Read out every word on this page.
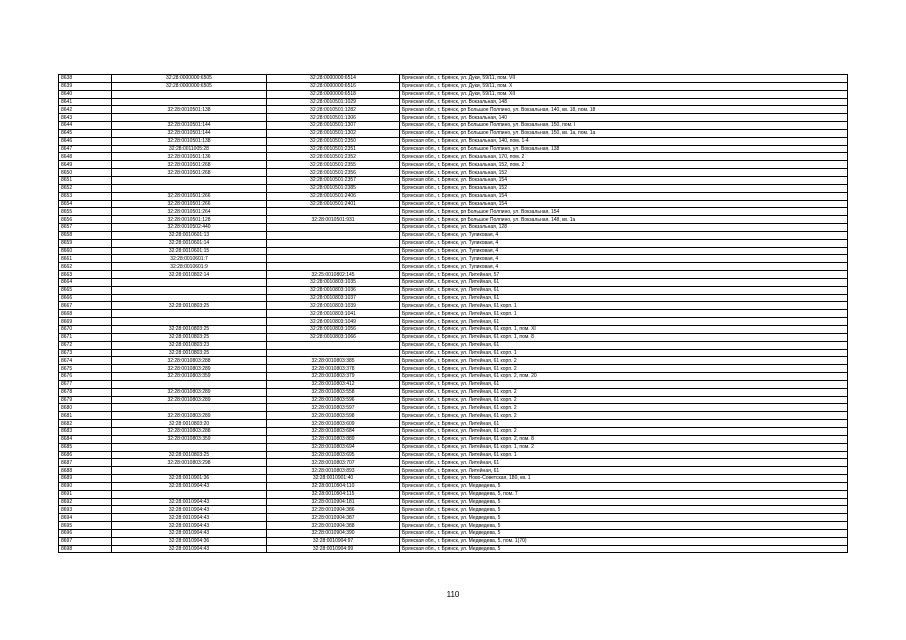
8638	32:28:0000000:6505	32:28:0000000:6514	Брянская обл., г. Брянск, ул. Дуки, 59/11, пом. VII
8639	32:28:0000000:6505	32:28:0000000:6516	Брянская обл., г. Брянск, ул. Дуки, 59/11, пом. X
8640		32:28:0000000:6518	Брянская обл., г. Брянск, ул. Дуки, 59/11, пом. XII
8641		32:28:0010501:1029	Брянская обл., г. Брянск, ул. Вокзальная, 148
8642	32:28:0010501:138	32:28:0010501:1282	Брянская обл., г. Брянск, рп Большое Полпино, ул. Вокзальная, 140, кв. 18, пом. 18
8643		32:28:0010501:1306	Брянская обл., г. Брянск, ул. Вокзальная, 140
8644	32:28:0010501:144	32:28:0010501:1307	Брянская обл., г. Брянск, рп Большое Полпино, ул. Вокзальная, 150, пом. I
8645	32:28:0010501:144	32:28:0010501:1302	Брянская обл., г. Брянск, рп Большое Полпино, ул. Вокзальная, 150, кв. 1а, пом. 1а
8646	32:28:0010501:138	32:28:0010501:2350	Брянская обл., г. Брянск, ул. Вокзальная, 140, пом. 1-4
8647	32:28:0011005:28	32:28:0010501:2351	Брянская обл., г. Брянск, рп Большое Полпино, ул. Вокзальная, 138
8648	32:28:0010501:136	32:28:0010501:2352	Брянская обл., г. Брянск, ул. Вокзальная, 170, пом. 2
8649	32:28:0010501:268	32:28:0010501:2355	Брянская обл., г. Брянск, ул. Вокзальная, 152, пом. 2
8650	32:28:0010501:268	32:28:0010501:2356	Брянская обл., г. Брянск, ул. Вокзальная, 152
8651		32:28:0010501:2357	Брянская обл., г. Брянск, ул. Вокзальная, 154
8652		32:28:0010501:2385	Брянская обл., г. Брянск, ул. Вокзальная, 152
8653	32:28:0010501:266	32:28:0010501:2406	Брянская обл., г. Брянск, ул. Вокзальная, 154
8654	32:28:0010501:266	32:28:0010501:2401	Брянская обл., г. Брянск, ул. Вокзальная, 154
8655	32:28:0010501:264		Брянская обл., г. Брянск, рп Большое Полпино, ул. Вокзальная, 154
8656	32:28:0010501:128	32:28:0010501:931	Брянская обл., г. Брянск, рп Большое Полпино, ул. Вокзальная, 148, кв. 1а
8657	32:28:0010502:440		Брянская обл., г. Брянск, ул. Вокзальная, 128
8658	32:28:0010601:13		Брянская обл., г. Брянск, ул. Тупиковая, 4
8659	32:28:0010601:14		Брянская обл., г. Брянск, ул. Тупиковая, 4
8660	32:28:0010601:15		Брянская обл., г. Брянск, ул. Тупиковая, 4
8661	32:28:0010601:7		Брянская обл., г. Брянск, ул. Тупиковая, 4
8662	32:28:0010601:9		Брянская обл., г. Брянск, ул. Тупиковая, 4
8663	32:28:0010802:14	32:25:0010802:145	Брянская обл., г. Брянск, ул. Литейная, 57
8664		32:28:0010803:1035	Брянская обл., г. Брянск, ул. Литейная, 61
8665		32:28:0010803:1036	Брянская обл., г. Брянск, ул. Литейная, 61
8666		32:28:0010803:1037	Брянская обл., г. Брянск, ул. Литейная, 61
8667	32:28:0010803:25	32:28:0010803:1039	Брянская обл., г. Брянск, ул. Литейная, 61 корп. 1
8668		32:28:0010803:1041	Брянская обл., г. Брянск, ул. Литейная, 61 корп. 1
8669		32:28:0010803:1049	Брянская обл., г. Брянск, ул. Литейная, 61
8670	32:28:0010803:25	32:28:0010803:1056	Брянская обл., г. Брянск, ул. Литейная, 61 корп. 1, пом. XI
8671	32:28:0010803:25	32:28:0010803:1066	Брянская обл., г. Брянск, ул. Литейная, 61 корп. 1, пом. 8
8672	32:28:0010803:23		Брянская обл., г. Брянск, ул. Литейная, 61
8673	32:28:0010803:25		Брянская обл., г. Брянск, ул. Литейная, 61 корп. 1
8674	32:28:0010803:288	32:28:0010803:385	Брянская обл., г. Брянск, ул. Литейная, 61 корп. 2
8675	32:28:0010803:289	32:28:0010803:378	Брянская обл., г. Брянск, ул. Литейная, 61 корп. 2
8676	32:28:0010803:359	32:28:0010803:379	Брянская обл., г. Брянск, ул. Литейная, 61 корп. 2, пом. 20
8677		32:28:0010803:412	Брянская обл., г. Брянск, ул. Литейная, 61
8678	32:28:0010803:289	32:28:0010803:558	Брянская обл., г. Брянск, ул. Литейная, 61 корп. 2
8679	32:28:0010803:289	32:28:0010803:596	Брянская обл., г. Брянск, ул. Литейная, 61 корп. 2
8680		32:28:0010803:597	Брянская обл., г. Брянск, ул. Литейная, 61 корп. 2
8681	32:28:0010803:289	32:28:0010803:598	Брянская обл., г. Брянск, ул. Литейная, 61 корп. 2
8682	32:28:0010803:20	32:28:0010803:609	Брянская обл., г. Брянск, ул. Литейная, 61
8683	32:28:0010803:288	32:28:0010803:684	Брянская обл., г. Брянск, ул. Литейная, 61 корп. 2
8684	32:28:0010803:359	32:28:0010803:889	Брянская обл., г. Брянск, ул. Литейная, 61 корп. 2, пом. 8
8685		32:28:0010803:694	Брянская обл., г. Брянск, ул. Литейная, 61 корп. 1, пом. 2
8686	32:28:0010803:25	32:28:0010803:695	Брянская обл., г. Брянск, ул. Литейная, 61 корп. 1
8687	32:28:0010803:298	32:28:0010803:707	Брянская обл., г. Брянск, ул. Литейная, 61
8688		32:28:0010803:893	Брянская обл., г. Брянск, ул. Литейная, 61
8689	32:28:0010901:36	32:28:0010901:40	Брянская обл., г. Брянск, ул. Ново-Советская, 180, кв. 1
8690	32:28:0010904:43	32:28:0010904:110	Брянская обл., г. Брянск, ул. Медведева, 5
8691		32:28:0010904:115	Брянская обл., г. Брянск, ул. Медведева, 5, пом. 7
8692	32:28:0010904:43	32:28:0010904:181	Брянская обл., г. Брянск, ул. Медведева, 5
8693	32:28:0010904:43	32:28:0010904:386	Брянская обл., г. Брянск, ул. Медведева, 5
8694	32:28:0010904:43	32:28:0010904:387	Брянская обл., г. Брянск, ул. Медведева, 5
8695	32:28:0010904:43	32:28:0010904:388	Брянская обл., г. Брянск, ул. Медведева, 5
8696	32:28:0010904:43	32:28:0010904:390	Брянская обл., г. Брянск, ул. Медведева, 5
8697	32:28:0010904:36	32:28:0010904:97	Брянская обл., г. Брянск, ул. Медведева, 5, пом. 1(70)
8698	32:28:0010904:43	32:28:0010904:99	Брянская обл., г. Брянск, ул. Медведева, 5
110
